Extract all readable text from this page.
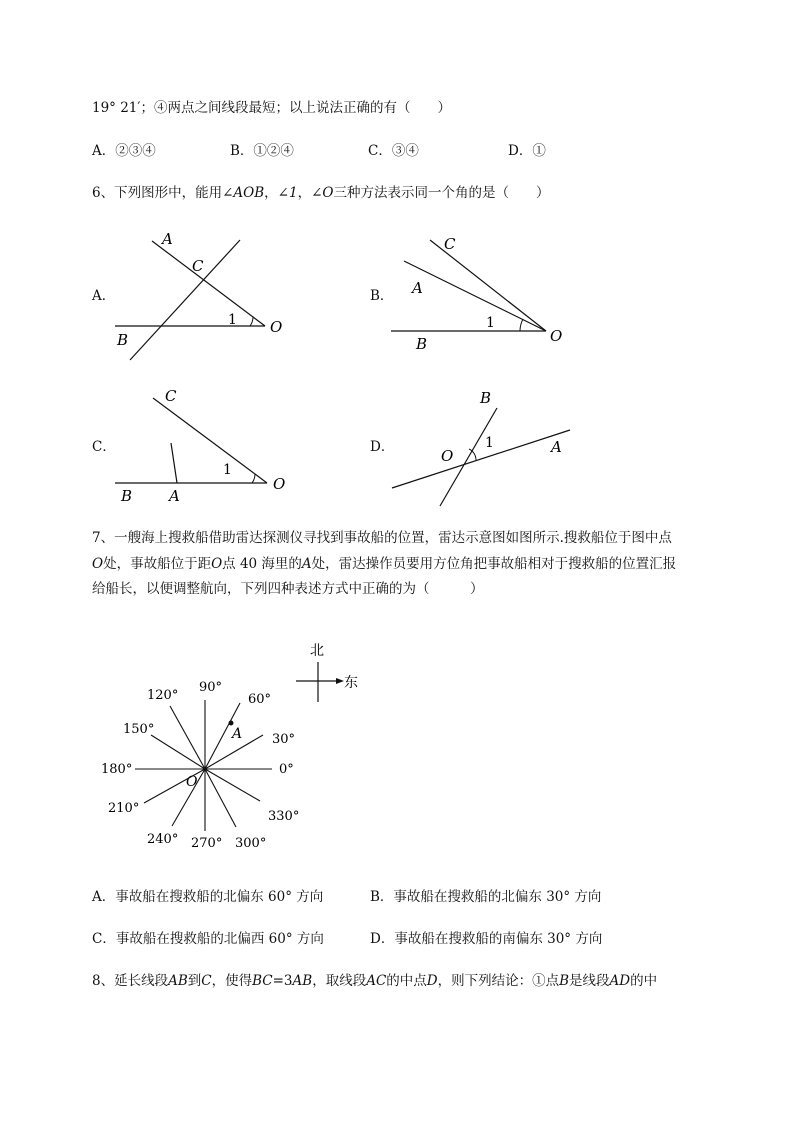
19° 21′；④两点之间线段最短；以上说法正确的有（　　）
A．②③④	B．①②④	C．③④	D．①
6、下列图形中，能用∠AOB，∠1，∠O三种方法表示同一个角的是（　　）
A．	B．
C．	D．
A
C
B
O
1
C
A
B	O
1
C
B A
O
1
B
A
O
1
7、一艘海上搜救船借助雷达探测仪寻找到事故船的位置，雷达示意图如图所示.搜救船位于图中点
O处，事故船位于距O点 40 海里的A处，雷达操作员要用方位角把事故船相对于搜救船的位置汇报
给船长，以便调整航向，下列四种表述方式中正确的为（　　　）
北
东
0°
30°
60°
90°
120°
150°
180°
210°
240° 270° 300°
330°
A
O
A．事故船在搜救船的北偏东 60° 方向	B．事故船在搜救船的北偏东 30° 方向
C．事故船在搜救船的北偏西 60° 方向	D．事故船在搜救船的南偏东 30° 方向
8、延长线段AB到C，使得BC=3AB，取线段AC的中点D，则下列结论：①点B是线段AD的中
